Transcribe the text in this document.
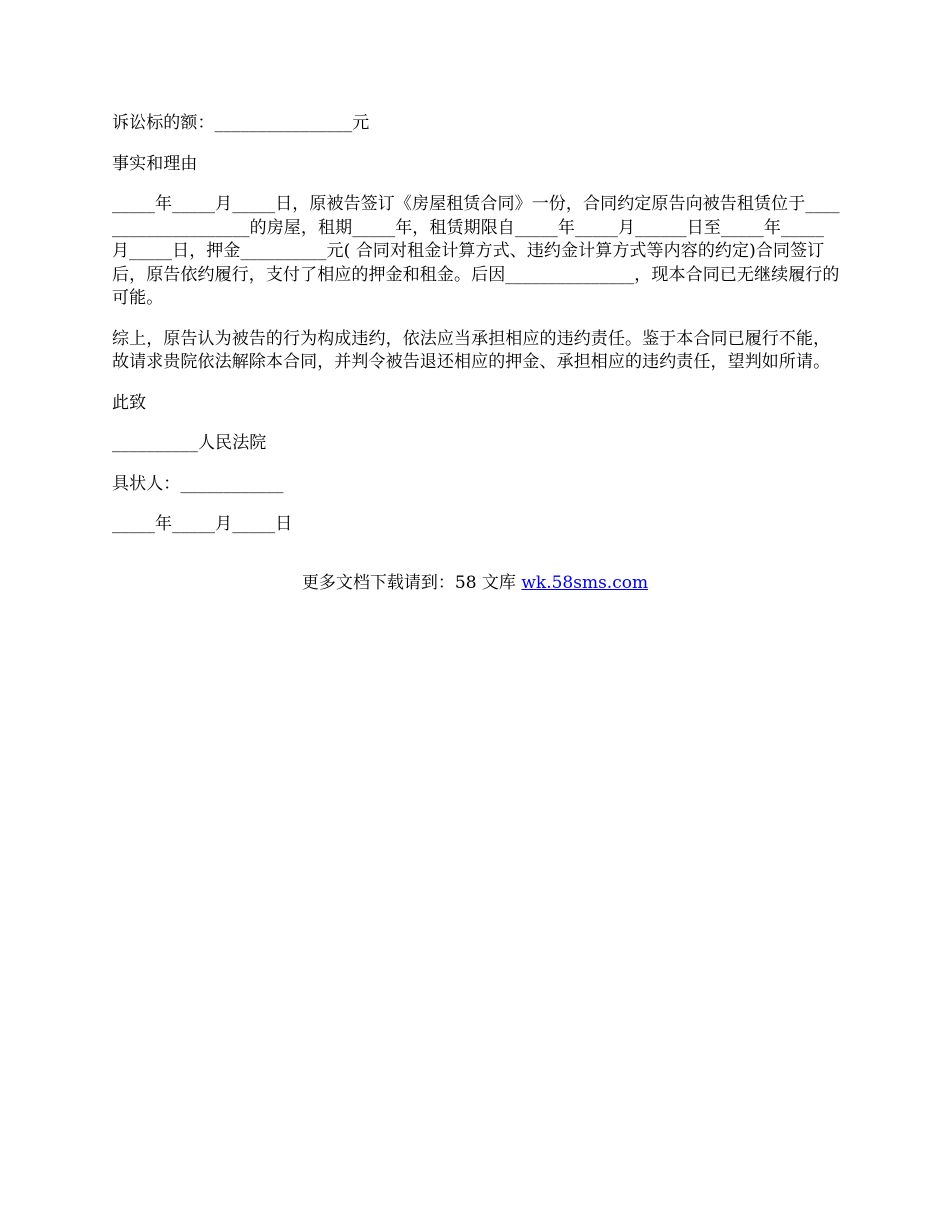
诉讼标的额：________________元

事实和理由

_____年_____月_____日，原被告签订《房屋租赁合同》一份，合同约定原告向被告租赁位于____________________的房屋，租期_____年，租赁期限自_____年_____月______日至_____年_____月_____日，押金__________元( 合同对租金计算方式、违约金计算方式等内容的约定)合同签订后，原告依约履行，支付了相应的押金和租金。后因_______________，现本合同已无继续履行的可能。

综上，原告认为被告的行为构成违约，依法应当承担相应的违约责任。鉴于本合同已履行不能，故请求贵院依法解除本合同，并判令被告退还相应的押金、承担相应的违约责任，望判如所请。

此致

__________人民法院

具状人：____________

_____年_____月_____日

更多文档下载请到：58 文库 wk.58sms.com
